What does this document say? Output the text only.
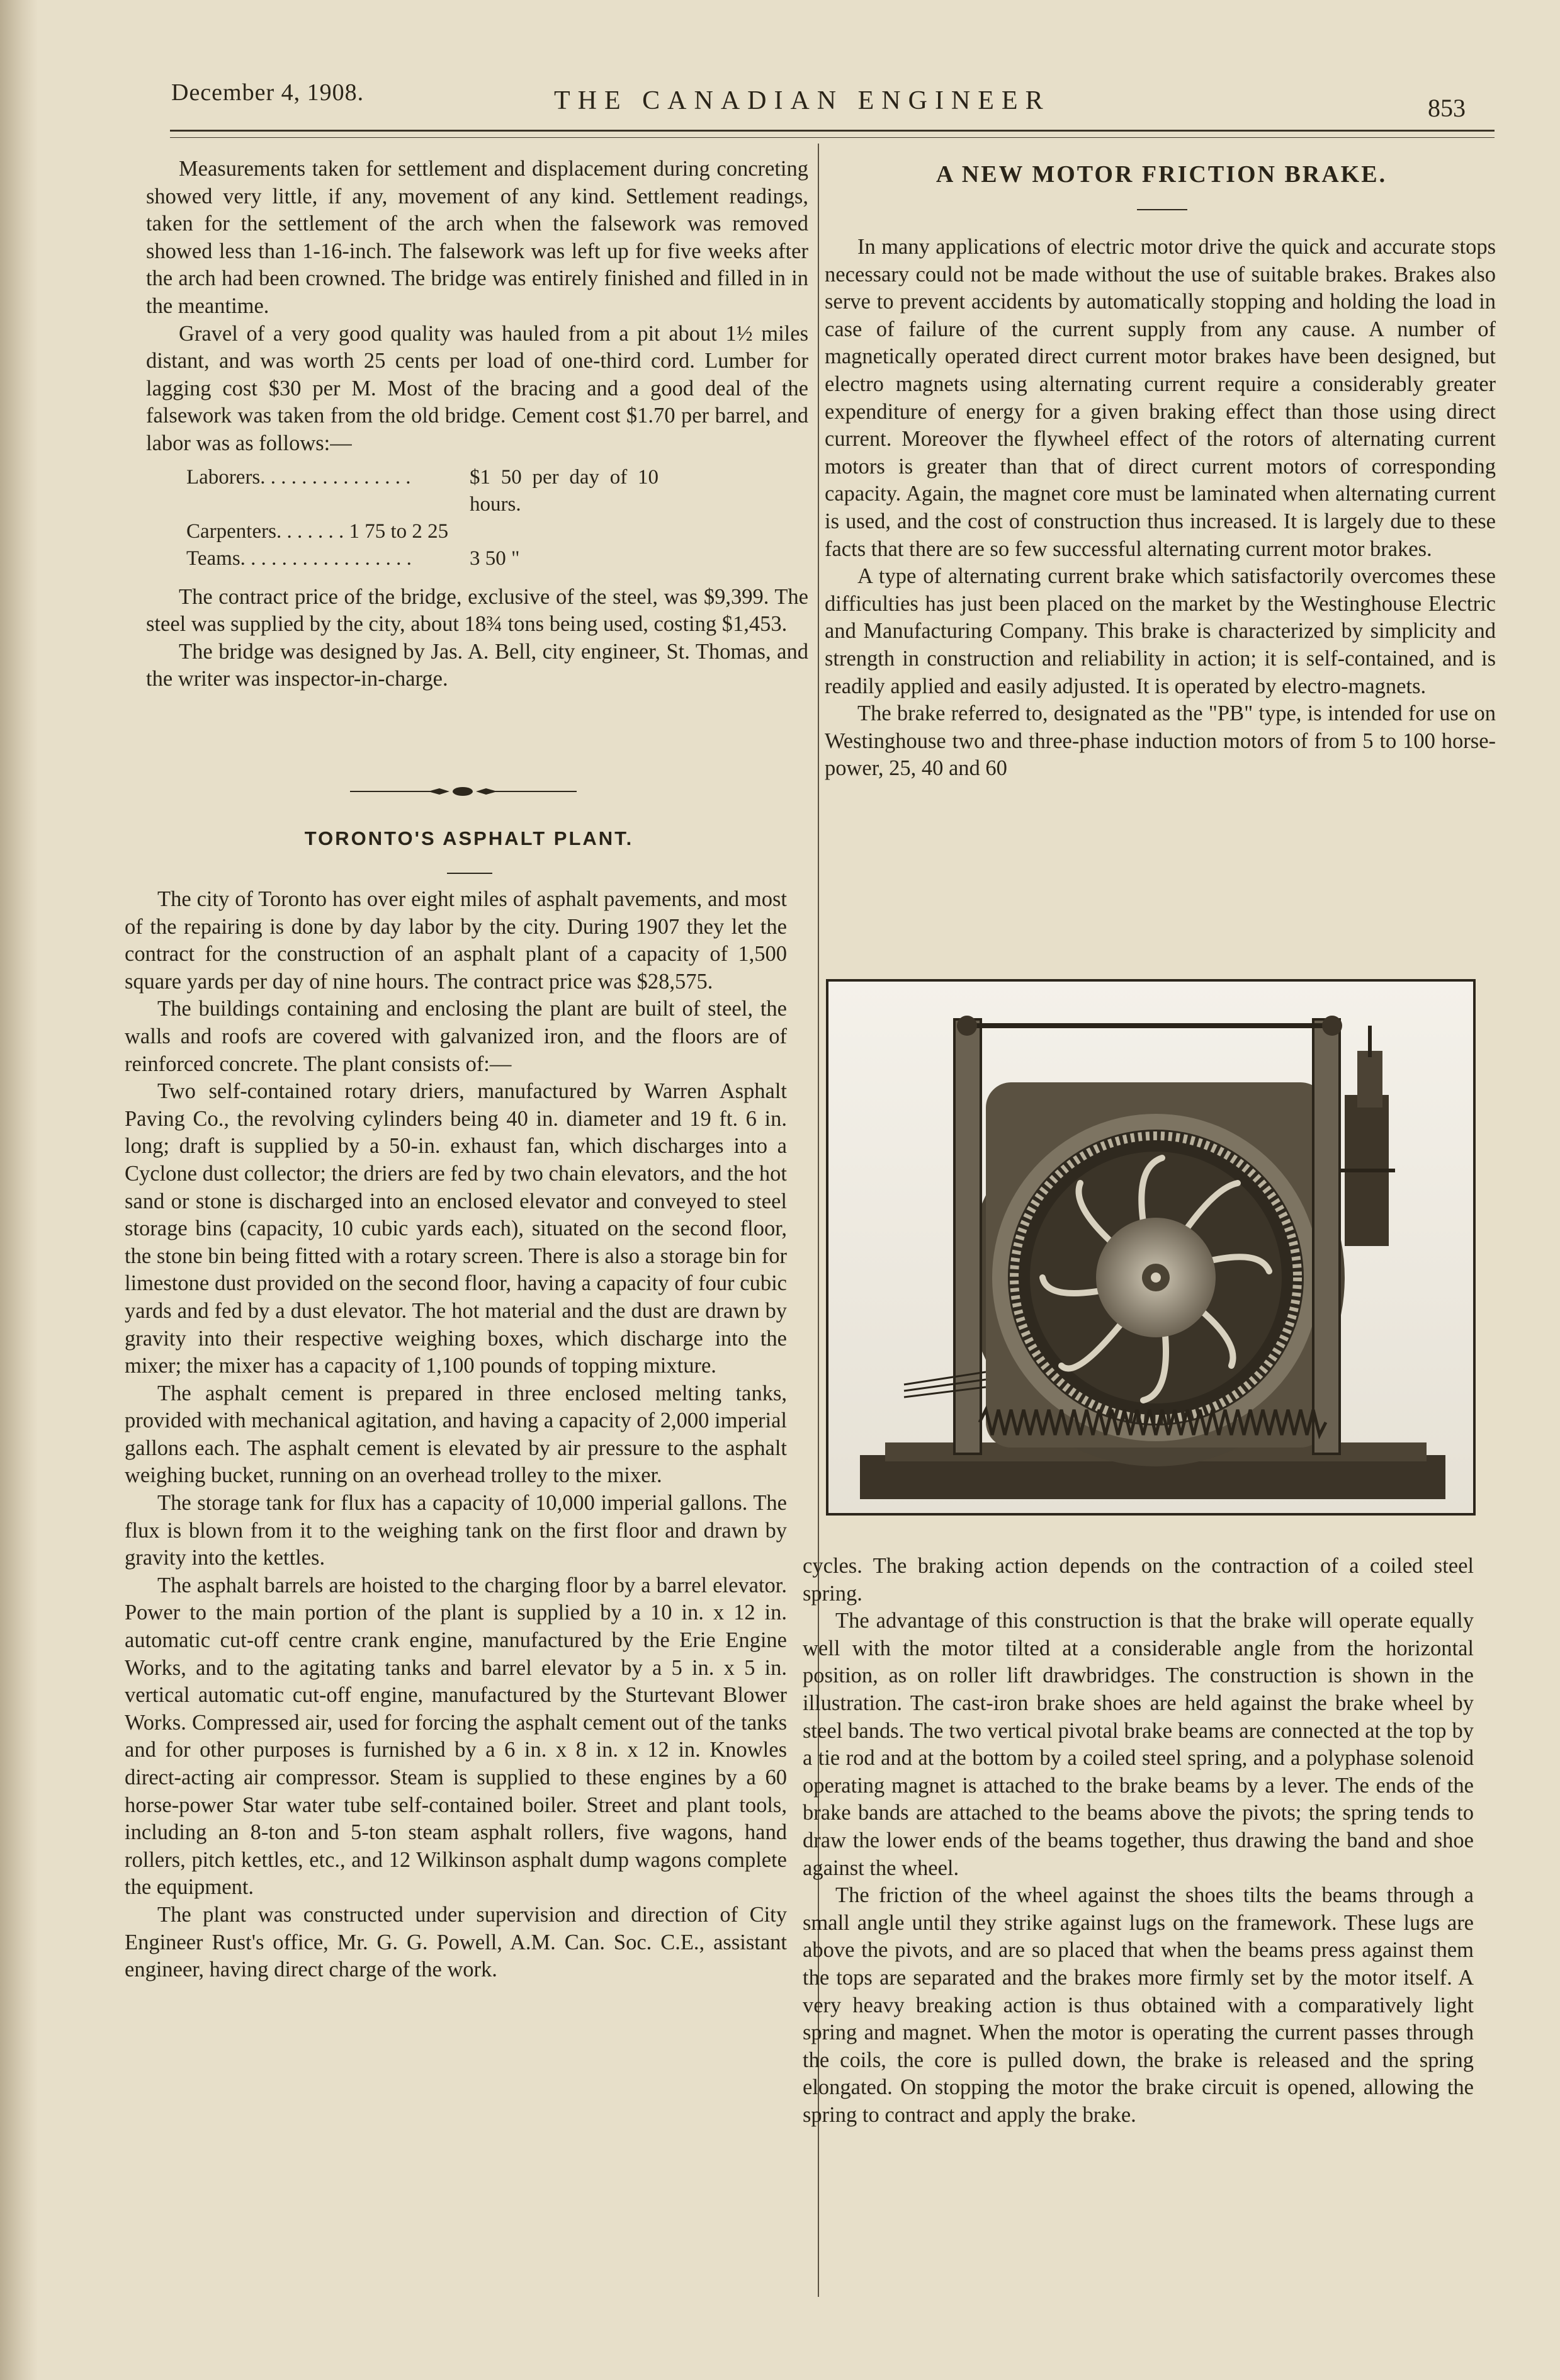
December 4, 1908.	THE CANADIAN ENGINEER	853

Measurements taken for settlement and displacement during concreting showed very little, if any, movement of any kind. Settlement readings, taken for the settlement of the arch when the falsework was removed showed less than 1-16-inch. The falsework was left up for five weeks after the arch had been crowned. The bridge was entirely finished and filled in in the meantime.

Gravel of a very good quality was hauled from a pit about 1½ miles distant, and was worth 25 cents per load of one-third cord. Lumber for lagging cost $30 per M. Most of the bracing and a good deal of the falsework was taken from the old bridge. Cement cost $1.70 per barrel, and labor was as follows:—

Laborers. . . . . . . . . . . . . . .	$1 50 per day of 10 hours.
Carpenters. . . . . . . 1 75 to 2 25
Teams. . . . . . . . . . . . . . . . .	3 50 "

The contract price of the bridge, exclusive of the steel, was $9,399. The steel was supplied by the city, about 18¾ tons being used, costing $1,453.

The bridge was designed by Jas. A. Bell, city engineer, St. Thomas, and the writer was inspector-in-charge.

TORONTO'S ASPHALT PLANT.

The city of Toronto has over eight miles of asphalt pavements, and most of the repairing is done by day labor by the city. During 1907 they let the contract for the construction of an asphalt plant of a capacity of 1,500 square yards per day of nine hours. The contract price was $28,575.

The buildings containing and enclosing the plant are built of steel, the walls and roofs are covered with galvanized iron, and the floors are of reinforced concrete. The plant consists of:—

Two self-contained rotary driers, manufactured by Warren Asphalt Paving Co., the revolving cylinders being 40 in. diameter and 19 ft. 6 in. long; draft is supplied by a 50-in. exhaust fan, which discharges into a Cyclone dust collector; the driers are fed by two chain elevators, and the hot sand or stone is discharged into an enclosed elevator and conveyed to steel storage bins (capacity, 10 cubic yards each), situated on the second floor, the stone bin being fitted with a rotary screen. There is also a storage bin for limestone dust provided on the second floor, having a capacity of four cubic yards and fed by a dust elevator. The hot material and the dust are drawn by gravity into their respective weighing boxes, which discharge into the mixer; the mixer has a capacity of 1,100 pounds of topping mixture.

The asphalt cement is prepared in three enclosed melting tanks, provided with mechanical agitation, and having a capacity of 2,000 imperial gallons each. The asphalt cement is elevated by air pressure to the asphalt weighing bucket, running on an overhead trolley to the mixer.

The storage tank for flux has a capacity of 10,000 imperial gallons. The flux is blown from it to the weighing tank on the first floor and drawn by gravity into the kettles.

The asphalt barrels are hoisted to the charging floor by a barrel elevator. Power to the main portion of the plant is supplied by a 10 in. x 12 in. automatic cut-off centre crank engine, manufactured by the Erie Engine Works, and to the agitating tanks and barrel elevator by a 5 in. x 5 in. vertical automatic cut-off engine, manufactured by the Sturtevant Blower Works. Compressed air, used for forcing the asphalt cement out of the tanks and for other purposes is furnished by a 6 in. x 8 in. x 12 in. Knowles direct-acting air compressor. Steam is supplied to these engines by a 60 horse-power Star water tube self-contained boiler. Street and plant tools, including an 8-ton and 5-ton steam asphalt rollers, five wagons, hand rollers, pitch kettles, etc., and 12 Wilkinson asphalt dump wagons complete the equipment.

The plant was constructed under supervision and direction of City Engineer Rust's office, Mr. G. G. Powell, A.M. Can. Soc. C.E., assistant engineer, having direct charge of the work.

A NEW MOTOR FRICTION BRAKE.

In many applications of electric motor drive the quick and accurate stops necessary could not be made without the use of suitable brakes. Brakes also serve to prevent accidents by automatically stopping and holding the load in case of failure of the current supply from any cause. A number of magnetically operated direct current motor brakes have been designed, but electro magnets using alternating current require a considerably greater expenditure of energy for a given braking effect than those using direct current. Moreover the flywheel effect of the rotors of alternating current motors is greater than that of direct current motors of corresponding capacity. Again, the magnet core must be laminated when alternating current is used, and the cost of construction thus increased. It is largely due to these facts that there are so few successful alternating current motor brakes.

A type of alternating current brake which satisfactorily overcomes these difficulties has just been placed on the market by the Westinghouse Electric and Manufacturing Company. This brake is characterized by simplicity and strength in construction and reliability in action; it is self-contained, and is readily applied and easily adjusted. It is operated by electro-magnets.

The brake referred to, designated as the "PB" type, is intended for use on Westinghouse two and three-phase induction motors of from 5 to 100 horse-power, 25, 40 and 60

cycles. The braking action depends on the contraction of a coiled steel spring.

The advantage of this construction is that the brake will operate equally well with the motor tilted at a considerable angle from the horizontal position, as on roller lift drawbridges. The construction is shown in the illustration. The cast-iron brake shoes are held against the brake wheel by steel bands. The two vertical pivotal brake beams are connected at the top by a tie rod and at the bottom by a coiled steel spring, and a polyphase solenoid operating magnet is attached to the brake beams by a lever. The ends of the brake bands are attached to the beams above the pivots; the spring tends to draw the lower ends of the beams together, thus drawing the band and shoe against the wheel.

The friction of the wheel against the shoes tilts the beams through a small angle until they strike against lugs on the framework. These lugs are above the pivots, and are so placed that when the beams press against them the tops are separated and the brakes more firmly set by the motor itself. A very heavy breaking action is thus obtained with a comparatively light spring and magnet. When the motor is operating the current passes through the coils, the core is pulled down, the brake is released and the spring elongated. On stopping the motor the brake circuit is opened, allowing the spring to contract and apply the brake.
